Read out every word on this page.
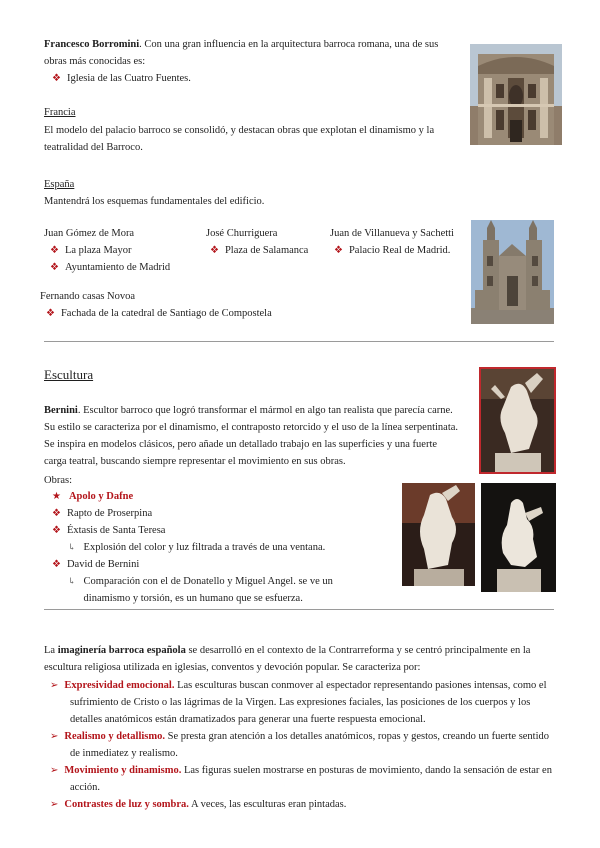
Francesco Borromini. Con una gran influencia en la arquitectura barroca romana, una de sus obras más conocidas es:
❖ Iglesia de las Cuatro Fuentes.
Francia
El modelo del palacio barroco se consolidó, y destacan obras que explotan el dinamismo y la teatralidad del Barroco.
España
Mantendrá los esquemas fundamentales del edificio.
Juan Gómez de Mora
❖ La plaza Mayor
❖ Ayuntamiento de Madrid
José Churriguera
❖ Plaza de Salamanca
Juan de Villanueva y Sachetti
❖ Palacio Real de Madrid.
Fernando casas Novoa
❖ Fachada de la catedral de Santiago de Compostela
Escultura
Bernini. Escultor barroco que logró transformar el mármol en algo tan realista que parecía carne. Su estilo se caracteriza por el dinamismo, el contraposto retorcido y el uso de la línea serpentinata. Se inspira en modelos clásicos, pero añade un detallado trabajo en las superficies y una fuerte carga teatral, buscando siempre representar el movimiento en sus obras.
Obras:
★ Apolo y Dafne
❖ Rapto de Proserpina
❖ Éxtasis de Santa Teresa
↳ Explosión del color y luz filtrada a través de una ventana.
❖ David de Bernini
↳ Comparación con el de Donatello y Miguel Angel. se ve un dinamismo y torsión, es un humano que se esfuerza.
La imaginería barroca española se desarrolló en el contexto de la Contrarreforma y se centró principalmente en la escultura religiosa utilizada en iglesias, conventos y devoción popular. Se caracteriza por:
➢ Expresividad emocional. Las esculturas buscan conmover al espectador representando pasiones intensas, como el sufrimiento de Cristo o las lágrimas de la Virgen. Las expresiones faciales, las posiciones de los cuerpos y los detalles anatómicos están dramatizados para generar una fuerte respuesta emocional.
➢ Realismo y detallismo. Se presta gran atención a los detalles anatómicos, ropas y gestos, creando un fuerte sentido de inmediatez y realismo.
➢ Movimiento y dinamismo. Las figuras suelen mostrarse en posturas de movimiento, dando la sensación de estar en acción.
➢ Contrastes de luz y sombra. A veces, las esculturas eran pintadas.
